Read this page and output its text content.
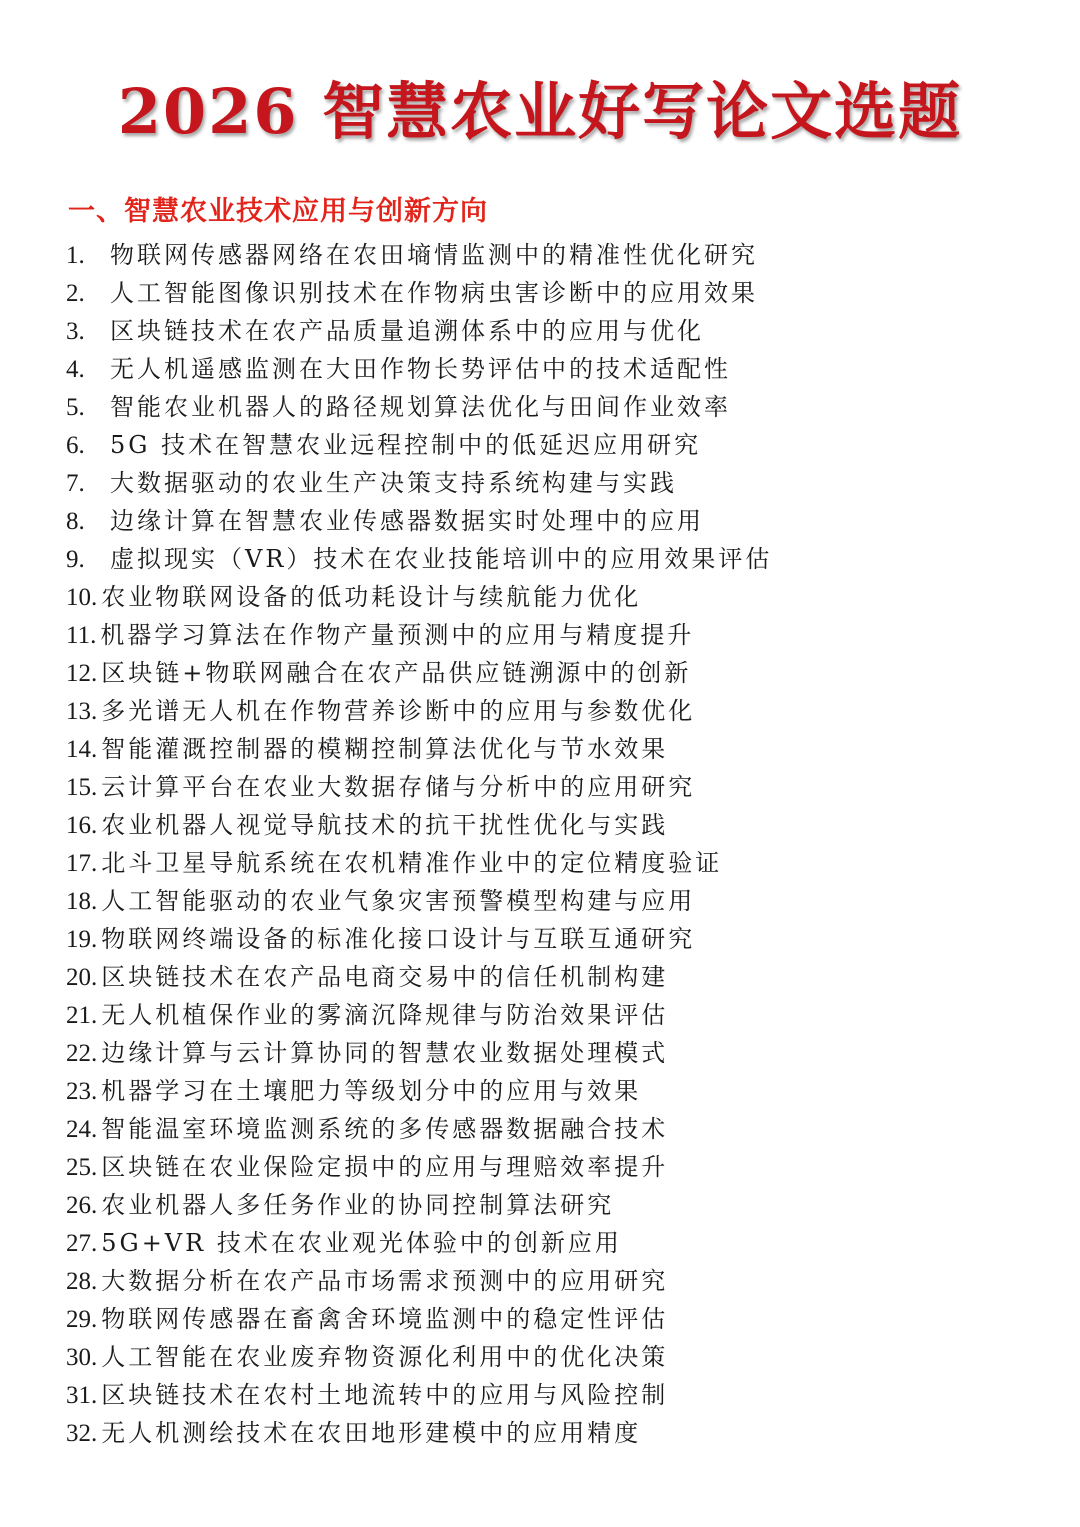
2026 智慧农业好写论文选题
一、智慧农业技术应用与创新方向
1.	物联网传感器网络在农田墒情监测中的精准性优化研究
2.	人工智能图像识别技术在作物病虫害诊断中的应用效果
3.	区块链技术在农产品质量追溯体系中的应用与优化
4.	无人机遥感监测在大田作物长势评估中的技术适配性
5.	智能农业机器人的路径规划算法优化与田间作业效率
6.	5G 技术在智慧农业远程控制中的低延迟应用研究
7.	大数据驱动的农业生产决策支持系统构建与实践
8.	边缘计算在智慧农业传感器数据实时处理中的应用
9.	虚拟现实（VR）技术在农业技能培训中的应用效果评估
10. 农业物联网设备的低功耗设计与续航能力优化
11. 机器学习算法在作物产量预测中的应用与精度提升
12. 区块链+物联网融合在农产品供应链溯源中的创新
13. 多光谱无人机在作物营养诊断中的应用与参数优化
14. 智能灌溉控制器的模糊控制算法优化与节水效果
15. 云计算平台在农业大数据存储与分析中的应用研究
16. 农业机器人视觉导航技术的抗干扰性优化与实践
17. 北斗卫星导航系统在农机精准作业中的定位精度验证
18. 人工智能驱动的农业气象灾害预警模型构建与应用
19. 物联网终端设备的标准化接口设计与互联互通研究
20. 区块链技术在农产品电商交易中的信任机制构建
21. 无人机植保作业的雾滴沉降规律与防治效果评估
22. 边缘计算与云计算协同的智慧农业数据处理模式
23. 机器学习在土壤肥力等级划分中的应用与效果
24. 智能温室环境监测系统的多传感器数据融合技术
25. 区块链在农业保险定损中的应用与理赔效率提升
26. 农业机器人多任务作业的协同控制算法研究
27. 5G+VR 技术在农业观光体验中的创新应用
28. 大数据分析在农产品市场需求预测中的应用研究
29. 物联网传感器在畜禽舍环境监测中的稳定性评估
30. 人工智能在农业废弃物资源化利用中的优化决策
31. 区块链技术在农村土地流转中的应用与风险控制
32. 无人机测绘技术在农田地形建模中的应用精度
